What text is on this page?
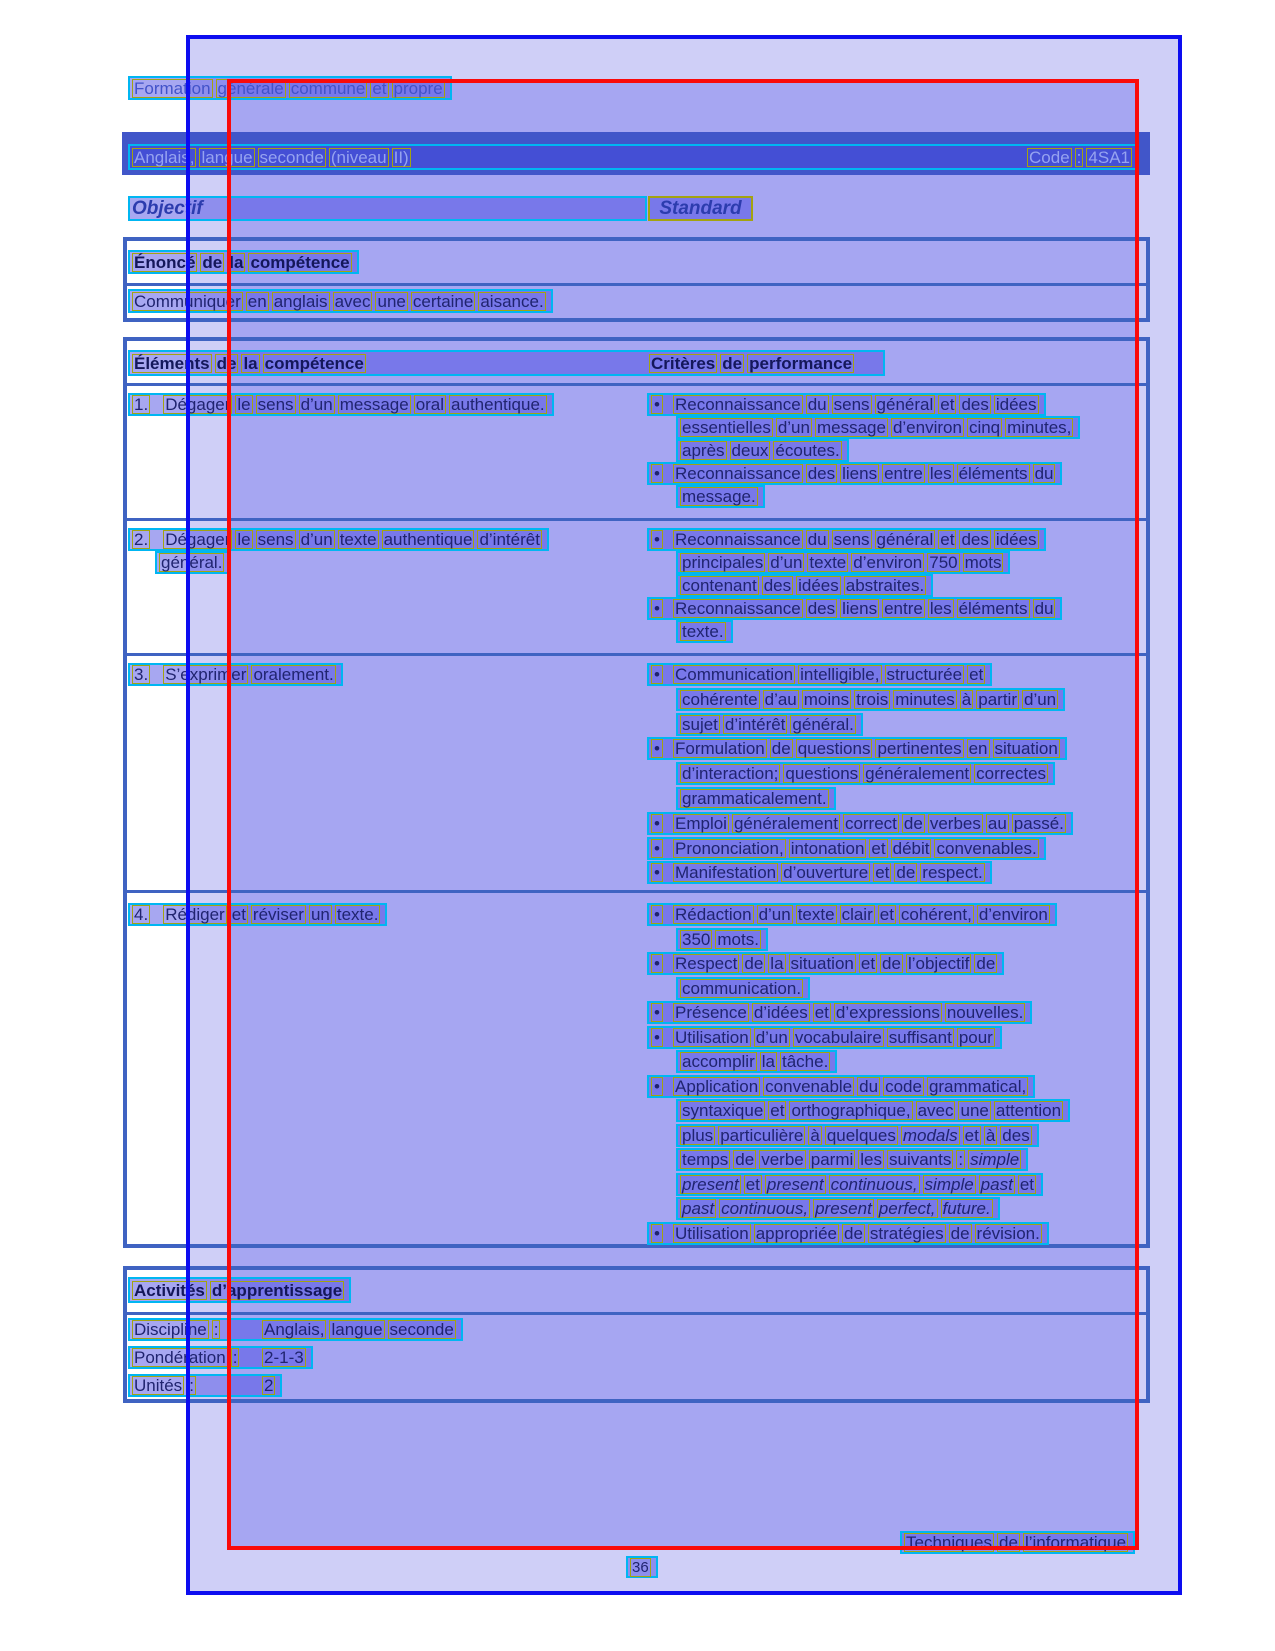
Formation générale commune et propre
Anglais, langue seconde (niveau II)	Code : 4SA1
Objectif	Standard
Énoncé de la compétence
Communiquer en anglais avec une certaine aisance.
Éléments de la compétence	Critères de performance
1. Dégager le sens d’un message oral authentique.	• Reconnaissance du sens général et des idées
essentielles d’un message d’environ cinq minutes,
après deux écoutes.
• Reconnaissance des liens entre les éléments du
message.
2. Dégager le sens d’un texte authentique d’intérêt
général.
• Reconnaissance du sens général et des idées
principales d’un texte d’environ 750 mots
contenant des idées abstraites.
• Reconnaissance des liens entre les éléments du
texte.
3. S’exprimer oralement.	• Communication intelligible, structurée et
cohérente d’au moins trois minutes à partir d’un
sujet d’intérêt général.
• Formulation de questions pertinentes en situation
d’interaction; questions généralement correctes
grammaticalement.
• Emploi généralement correct de verbes au passé.
• Prononciation, intonation et débit convenables.
• Manifestation d’ouverture et de respect.
4. Rédiger et réviser un texte.	• Rédaction d’un texte clair et cohérent, d’environ
350 mots.
• Respect de la situation et de l’objectif de
communication.
• Présence d’idées et d’expressions nouvelles.
• Utilisation d’un vocabulaire suffisant pour
accomplir la tâche.
• Application convenable du code grammatical,
syntaxique et orthographique, avec une attention
plus particulière à quelques modals et à des
temps de verbe parmi les suivants : simple
present et present continuous, simple past et
past continuous, present perfect, future.
• Utilisation appropriée de stratégies de révision.
Activités d’apprentissage
Discipline :	Anglais, langue seconde
Pondération : 2-1-3
Unités :	2
Techniques de l’informatique
36
